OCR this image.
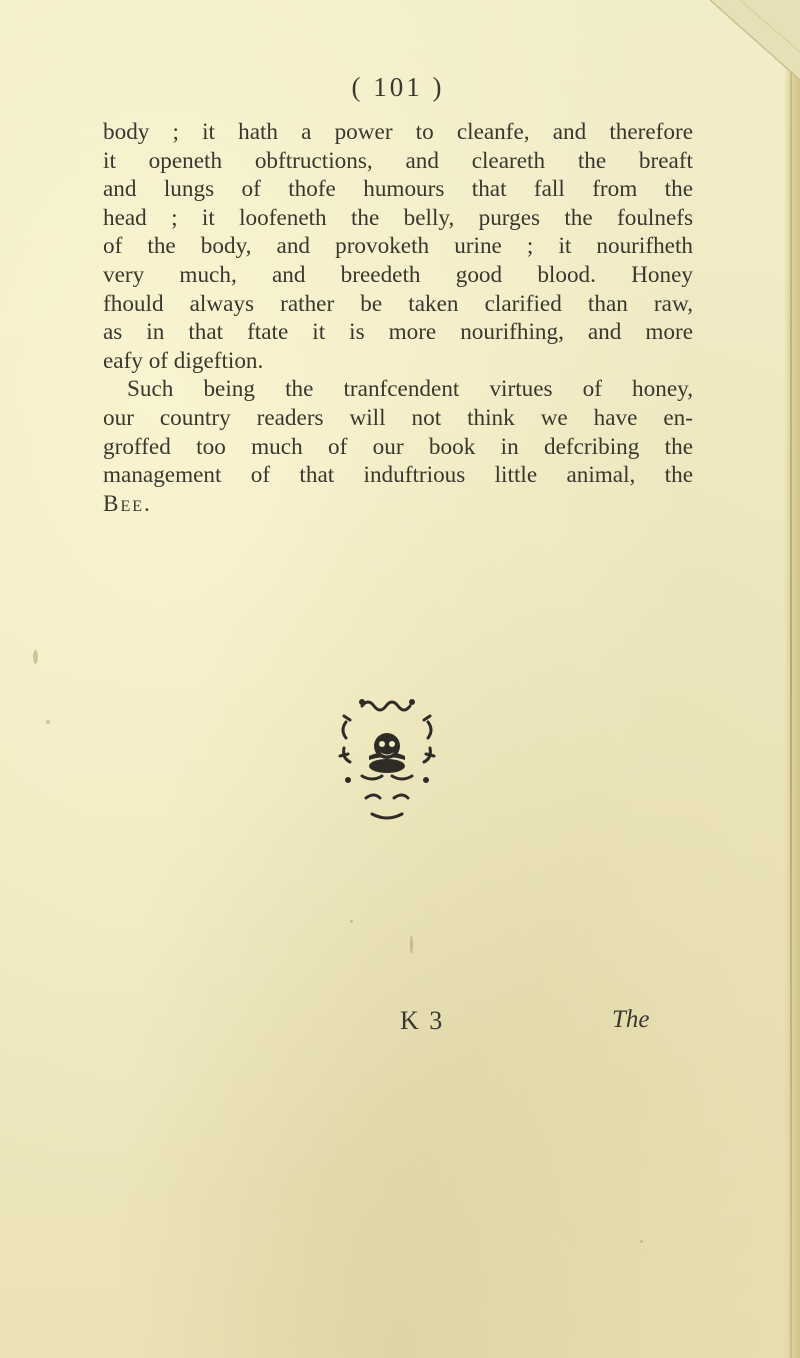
( 101 )
body ; it hath a power to cleanfe, and therefore
it openeth obftructions, and cleareth the breaft
and lungs of thofe humours that fall from the
head ; it loofeneth the belly, purges the foulnefs
of the body, and provoketh urine ; it nourifheth
very much, and breedeth good blood. Honey
fhould always rather be taken clarified than raw,
as in that ftate it is more nourifhing, and more
eafy of digeftion.
Such being the tranfcendent virtues of honey,
our country readers will not think we have en-
groffed too much of our book in defcribing the
management of that induftrious little animal, the
Bee.
K 3	The
